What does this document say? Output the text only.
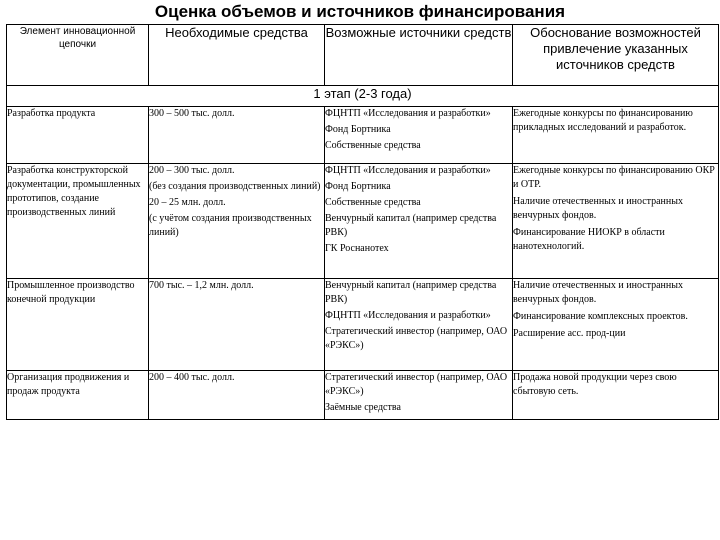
Оценка объемов и источников финансирования
Элемент инновационной цепочки	Необходимые средства	Возможные источники средств	Обоснование возможностей привлечение указанных источников средств
1 этап (2-3 года)			
Разработка продукта	300 – 500 тыс. долл.	ФЦНТП «Исследования и разработки»
Фонд Бортника
Собственные средства	Ежегодные конкурсы по финансированию прикладных исследований и разработок.

Разработка конструкторской документации, промышленных прототипов, создание производственных линий	200 – 300 тыс. долл.
(без создания производственных линий)
20 – 25 млн. долл.
(с учётом создания производственных линий)	ФЦНТП «Исследования и разработки»
Фонд Бортника
Собственные средства
Венчурный капитал (например средства РВК)
ГК Роснанотех	Ежегодные конкурсы по финансированию ОКР и ОТР.
Наличие отечественных и иностранных венчурных фондов.
Финансирование НИОКР в области нанотехнологий.

Промышленное производство конечной продукции	700 тыс. – 1,2 млн. долл.	Венчурный капитал (например средства РВК)
ФЦНТП «Исследования и разработки»
Стратегический инвестор (например, ОАО «РЭКС»)	Наличие отечественных и иностранных венчурных фондов.
Финансирование комплексных проектов.
Расширение асс. прод-ции

Организация продвижения и продаж продукта	200 – 400 тыс. долл.	Стратегический инвестор (например, ОАО «РЭКС»)
Заёмные средства	Продажа новой продукции через свою сбытовую сеть.
